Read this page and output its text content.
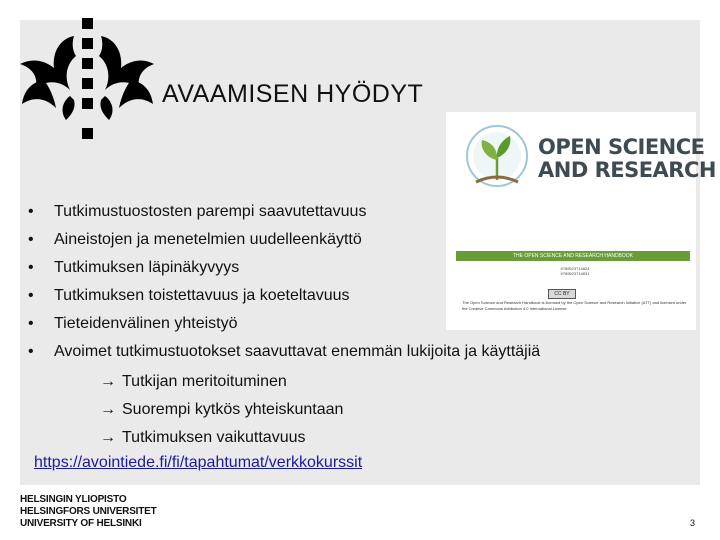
AVAAMISEN HYÖDYT
OPEN SCIENCE
AND RESEARCH
THE OPEN SCIENCE AND RESEARCH HANDBOOK
9789523714824
9789523714831
CC BY
The Open Science and Research Handbook is licensed by the Open Science and Research Initiative (ATT) and licensed under the Creative Commons Attribution 4.0 International License.
• Tutkimustuostosten parempi saavutettavuus
• Aineistojen ja menetelmien uudelleenkäyttö
• Tutkimuksen läpinäkyvyys
• Tutkimuksen toistettavuus ja koeteltavuus
• Tieteidenvälinen yhteistyö
• Avoimet tutkimustuotokset saavuttavat enemmän lukijoita ja käyttäjiä
→ Tutkijan meritoituminen
→ Suorempi kytkös yhteiskuntaan
→ Tutkimuksen vaikuttavuus
https://avointiede.fi/fi/tapahtumat/verkkokurssit
HELSINGIN YLIOPISTO
HELSINGFORS UNIVERSITET
UNIVERSITY OF HELSINKI	3
